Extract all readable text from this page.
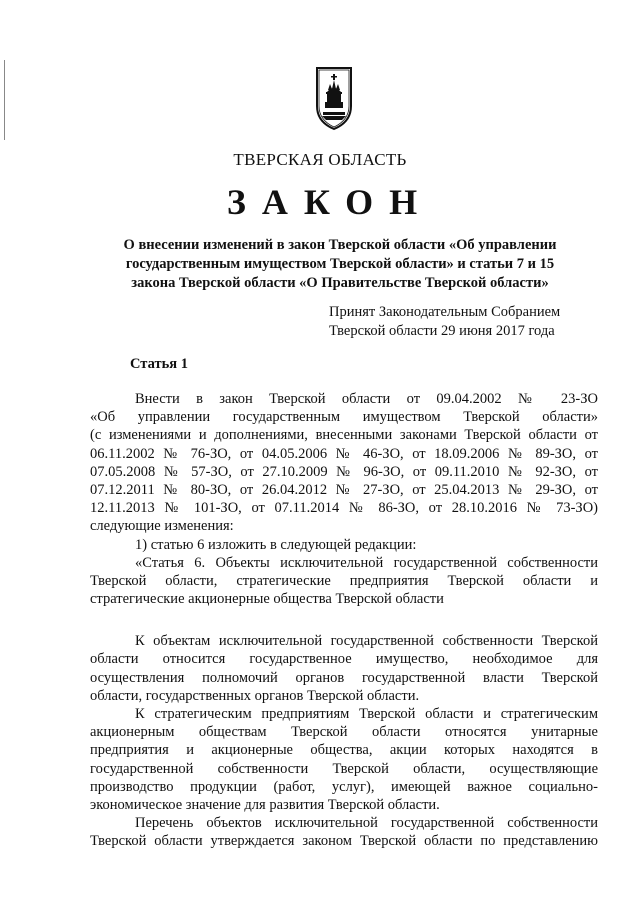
ТВЕРСКАЯ ОБЛАСТЬ
ЗАКОН
О внесении изменений в закон Тверской области «Об управлении
государственным имуществом Тверской области» и статьи 7 и 15
закона Тверской области «О Правительстве Тверской области»
Принят Законодательным Собранием
Тверской области 29 июня 2017 года
Статья 1
Внести в закон Тверской области от 09.04.2002 № 23-ЗО
«Об управлении государственным имуществом Тверской области»
(с изменениями и дополнениями, внесенными законами Тверской области от
06.11.2002 № 76-ЗО, от 04.05.2006 № 46-ЗО, от 18.09.2006 № 89-ЗО, от
07.05.2008 № 57-ЗО, от 27.10.2009 № 96-ЗО, от 09.11.2010 № 92-ЗО, от
07.12.2011 № 80-ЗО, от 26.04.2012 № 27-ЗО, от 25.04.2013 № 29-ЗО, от
12.11.2013 № 101-ЗО, от 07.11.2014 № 86-ЗО, от 28.10.2016 № 73-ЗО)
следующие изменения:
1) статью 6 изложить в следующей редакции:
«Статья 6. Объекты исключительной государственной собственности
Тверской области, стратегические предприятия Тверской области и
стратегические акционерные общества Тверской области
К объектам исключительной государственной собственности Тверской
области относится государственное имущество, необходимое для
осуществления полномочий органов государственной власти Тверской
области, государственных органов Тверской области.
К стратегическим предприятиям Тверской области и стратегическим
акционерным обществам Тверской области относятся унитарные
предприятия и акционерные общества, акции которых находятся в
государственной собственности Тверской области, осуществляющие
производство продукции (работ, услуг), имеющей важное социально-
экономическое значение для развития Тверской области.
Перечень объектов исключительной государственной собственности
Тверской области утверждается законом Тверской области по представлению
